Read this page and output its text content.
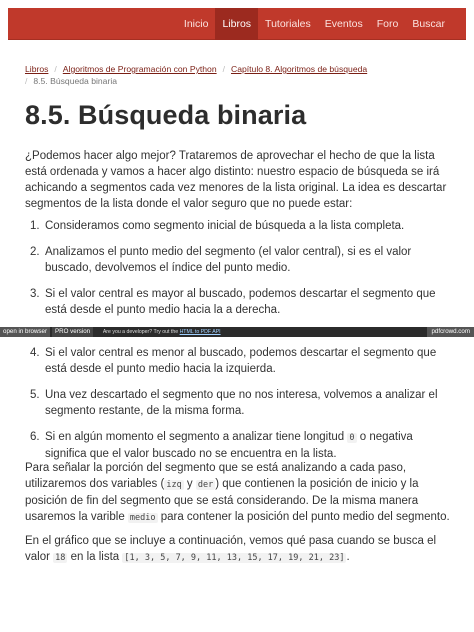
Inicio	Libros	Tutoriales	Eventos	Foro	Buscar
Libros / Algoritmos de Programación con Python / Capítulo 8. Algoritmos de búsqueda
/ 8.5. Búsqueda binaria
8.5. Búsqueda binaria

¿Podemos hacer algo mejor? Trataremos de aprovechar el hecho de que la lista está ordenada y vamos a hacer algo distinto: nuestro espacio de búsqueda se irá achicando a segmentos cada vez menores de la lista original. La idea es descartar segmentos de la lista donde el valor seguro que no puede estar:

1. Consideramos como segmento inicial de búsqueda a la lista completa.
2. Analizamos el punto medio del segmento (el valor central), si es el valor buscado, devolvemos el índice del punto medio.
3. Si el valor central es mayor al buscado, podemos descartar el segmento que está desde el punto medio hacia la a derecha.
open in browser PRO version Are you a developer? Try out the HTML to PDF API	pdfcrowd.com
4. Si el valor central es menor al buscado, podemos descartar el segmento que está desde el punto medio hacia la izquierda.
5. Una vez descartado el segmento que no nos interesa, volvemos a analizar el segmento restante, de la misma forma.
6. Si en algún momento el segmento a analizar tiene longitud 0 o negativa significa que el valor buscado no se encuentra en la lista.

Para señalar la porción del segmento que se está analizando a cada paso, utilizaremos dos variables ( izq y der ) que contienen la posición de inicio y la posición de fin del segmento que se está considerando. De la misma manera usaremos la varible medio para contener la posición del punto medio del segmento.

En el gráfico que se incluye a continuación, vemos qué pasa cuando se busca el valor 18 en la lista [1, 3, 5, 7, 9, 11, 13, 15, 17, 19, 21, 23] .
